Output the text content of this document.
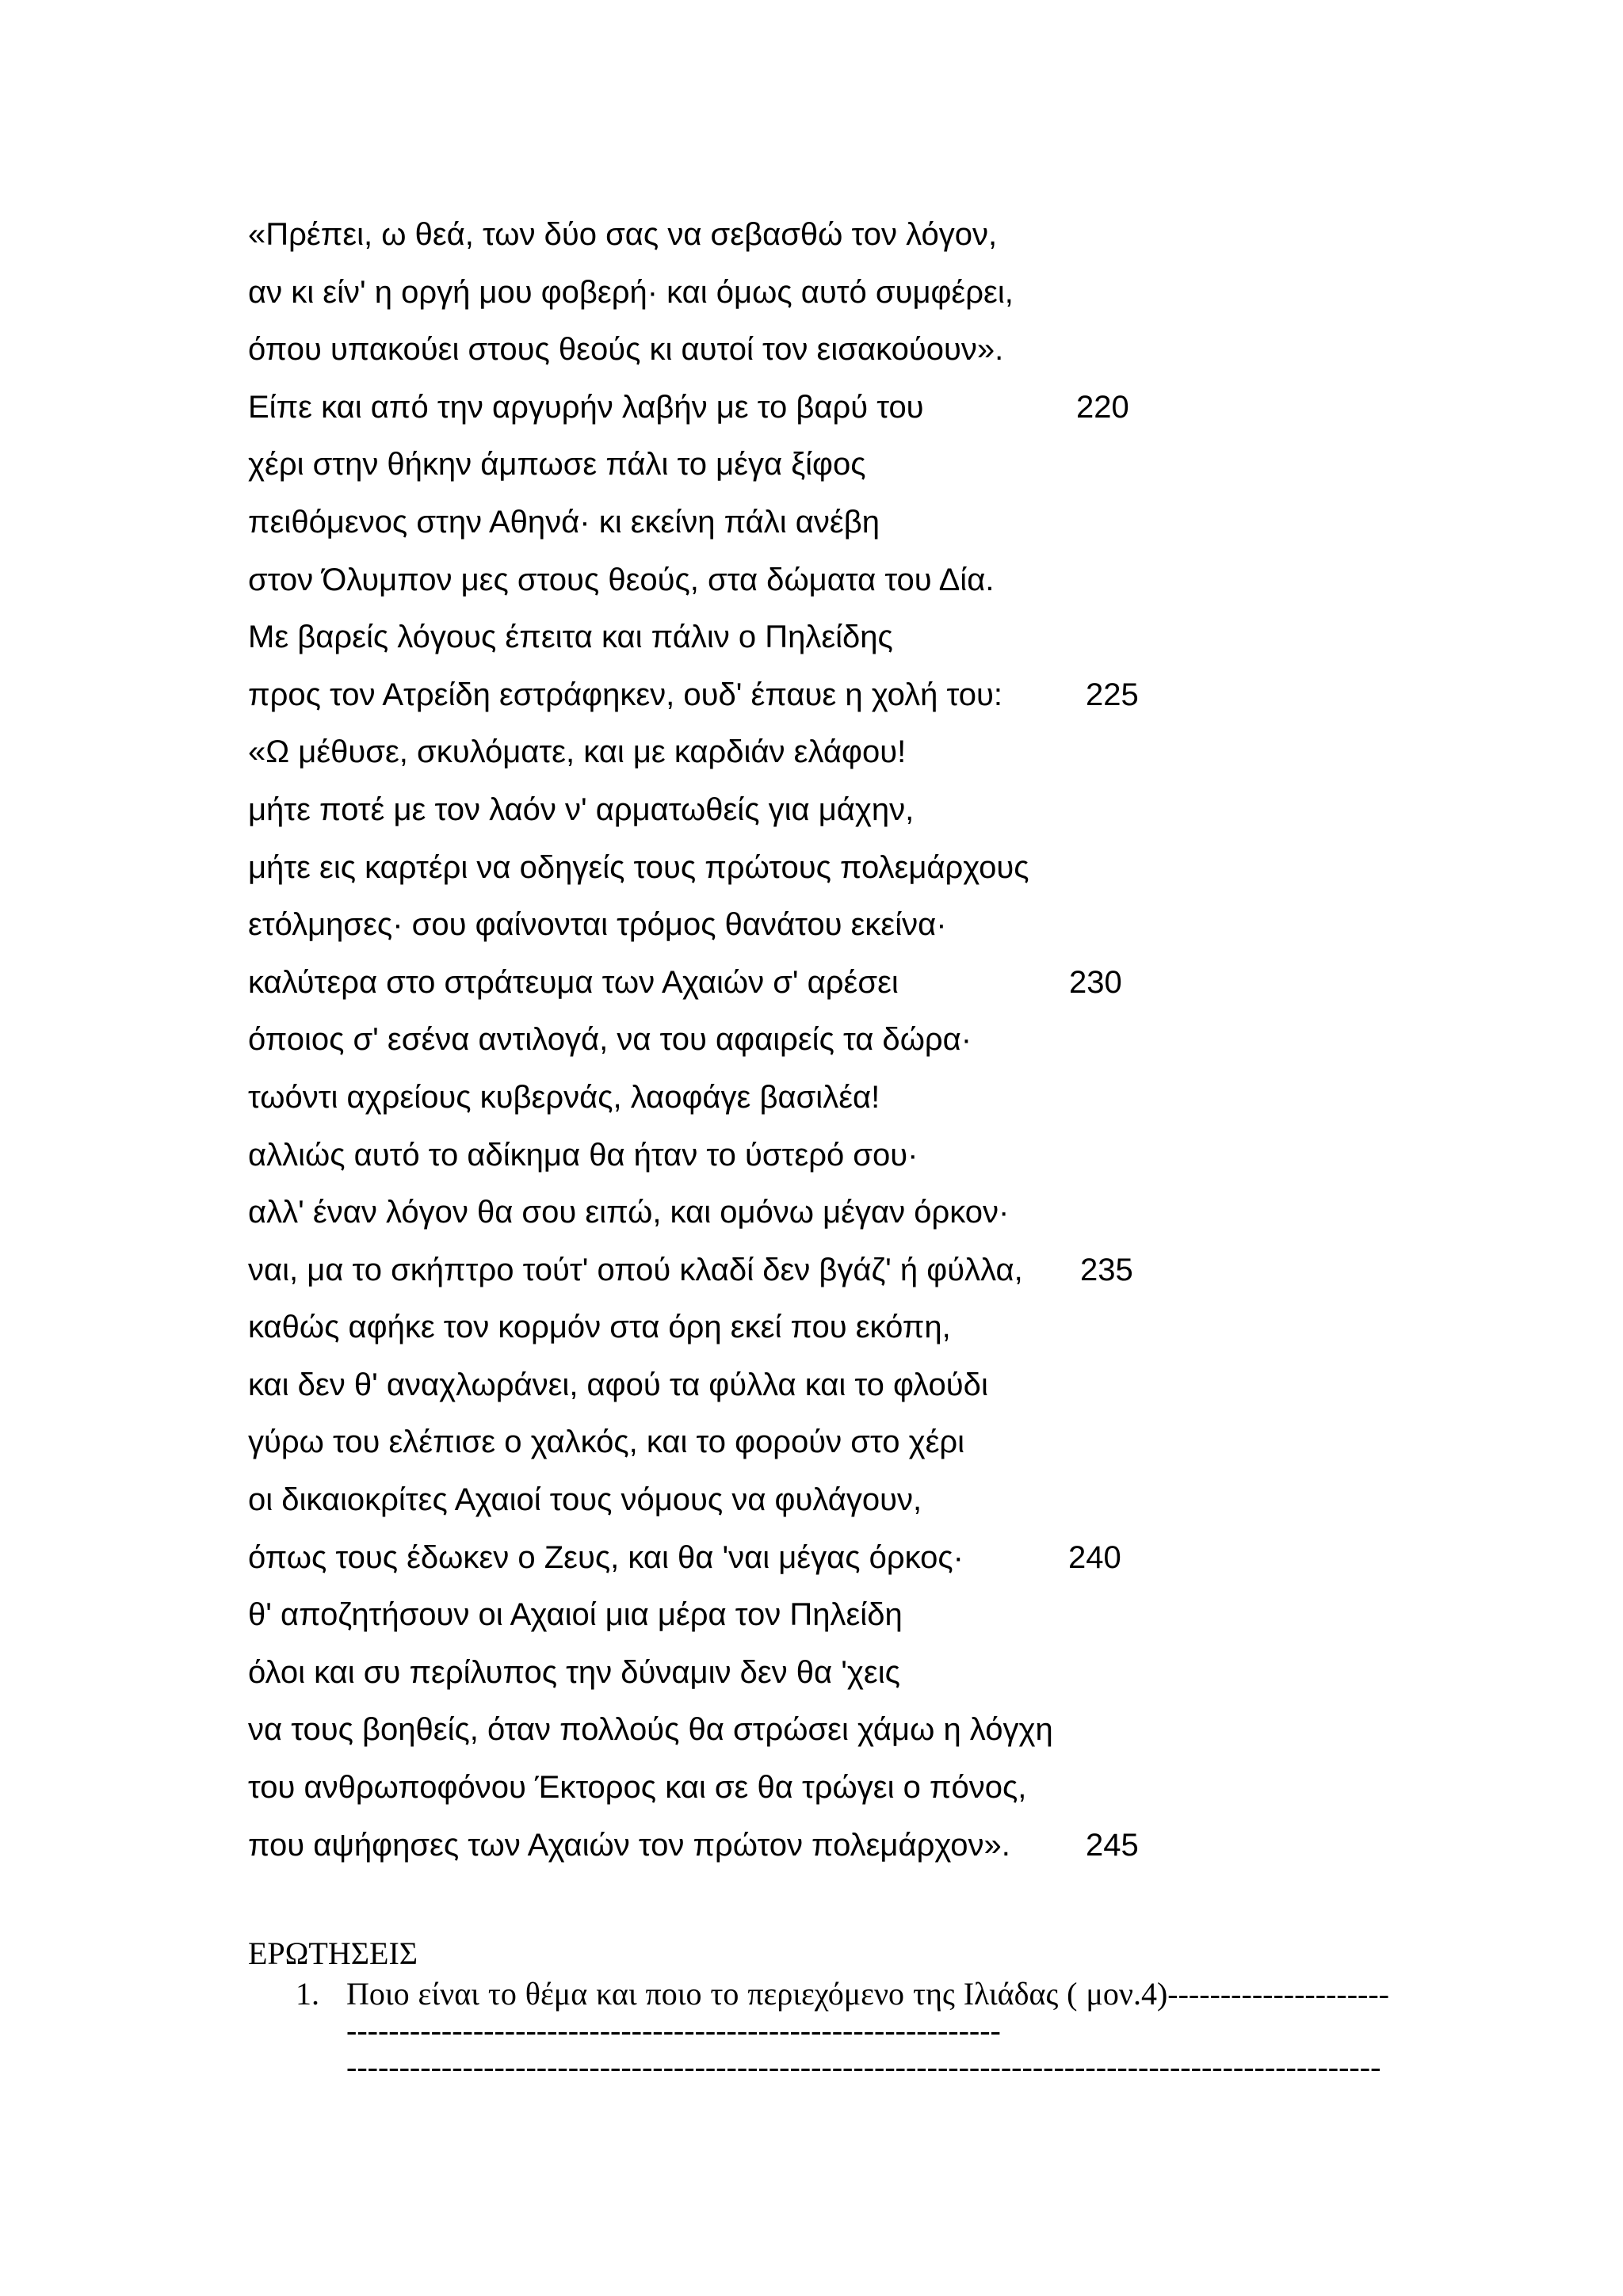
«Πρέπει, ω θεά, των δύο σας να σεβασθώ τον λόγον,
αν κι είν' η οργή μου φοβερή· και όμως αυτό συμφέρει,
όπου υπακούει στους θεούς κι αυτοί τον εισακούουν».
Είπε και από την αργυρήν λαβήν με το βαρύ του	220
χέρι στην θήκην άμπωσε πάλι το μέγα ξίφος
πειθόμενος στην Αθηνά· κι εκείνη πάλι ανέβη
στον Όλυμπον μες στους θεούς, στα δώματα του Δία.
Με βαρείς λόγους έπειτα και πάλιν ο Πηλείδης
προς τον Ατρείδη εστράφηκεν, ουδ' έπαυε η χολή του:	225
«Ω μέθυσε, σκυλόματε, και με καρδιάν ελάφου!
μήτε ποτέ με τον λαόν ν' αρματωθείς για μάχην,
μήτε εις καρτέρι να οδηγείς τους πρώτους πολεμάρχους
ετόλμησες· σου φαίνονται τρόμος θανάτου εκείνα·
καλύτερα στο στράτευμα των Αχαιών σ' αρέσει	230
όποιος σ' εσένα αντιλογά, να του αφαιρείς τα δώρα·
τωόντι αχρείους κυβερνάς, λαοφάγε βασιλέα!
αλλιώς αυτό το αδίκημα θα ήταν το ύστερό σου·
αλλ' έναν λόγον θα σου ειπώ, και ομόνω μέγαν όρκον·
ναι, μα το σκήπτρο τούτ' οπού κλαδί δεν βγάζ' ή φύλλα, 235
καθώς αφήκε τον κορμόν στα όρη εκεί που εκόπη,
και δεν θ' αναχλωράνει, αφού τα φύλλα και το φλούδι
γύρω του ελέπισε ο χαλκός, και το φορούν στο χέρι
οι δικαιοκρίτες Αχαιοί τους νόμους να φυλάγουν,
όπως τους έδωκεν ο Ζευς, και θα 'ναι μέγας όρκος·	240
θ' αποζητήσουν οι Αχαιοί μια μέρα τον Πηλείδη
όλοι και συ περίλυπος την δύναμιν δεν θα 'χεις
να τους βοηθείς, όταν πολλούς θα στρώσει χάμω η λόγχη
του ανθρωποφόνου Έκτορος και σε θα τρώγει ο πόνος,
που αψήφησες των Αχαιών τον πρώτον πολεμάρχον». 245
ΕΡΩΤΗΣΕΙΣ
1. Ποιο είναι το θέμα και ποιο το περιεχόμενο της Ιλιάδας ( μον.4)-----------------------------------------------------------------------------------
--------------------------------------------------------------------------------------------------
